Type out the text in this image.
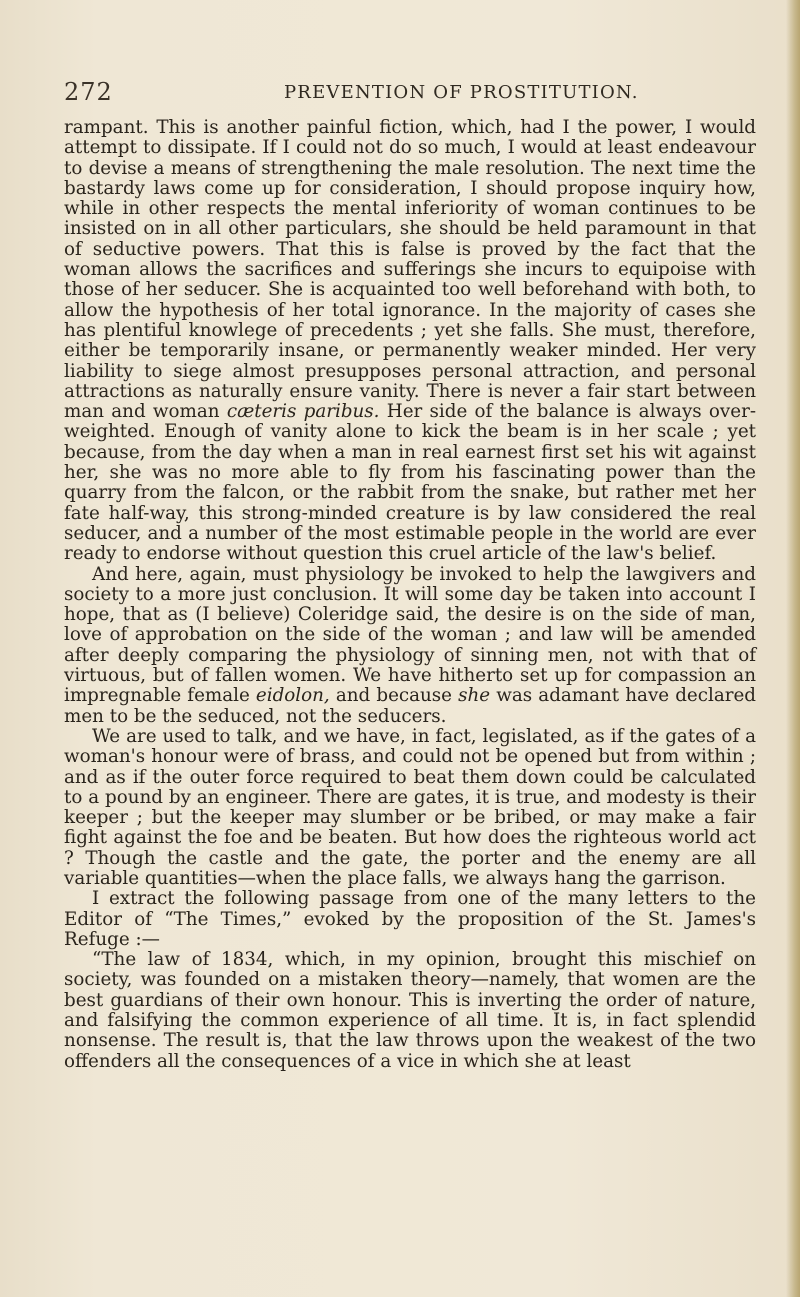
272	PREVENTION OF PROSTITUTION.

rampant. This is another painful fiction, which, had I the power, I would attempt to dissipate. If I could not do so much, I would at least endeavour to devise a means of strengthening the male resolution. The next time the bastardy laws come up for consideration, I should propose inquiry how, while in other respects the mental inferiority of woman continues to be insisted on in all other particulars, she should be held paramount in that of seductive powers. That this is false is proved by the fact that the woman allows the sacrifices and sufferings she incurs to equipoise with those of her seducer. She is acquainted too well beforehand with both, to allow the hypothesis of her total ignorance. In the majority of cases she has plentiful knowlege of precedents ; yet she falls. She must, therefore, either be temporarily insane, or permanently weaker minded. Her very liability to siege almost presupposes personal attraction, and personal attractions as naturally ensure vanity. There is never a fair start between man and woman cæteris paribus. Her side of the balance is always over-weighted. Enough of vanity alone to kick the beam is in her scale ; yet because, from the day when a man in real earnest first set his wit against her, she was no more able to fly from his fascinating power than the quarry from the falcon, or the rabbit from the snake, but rather met her fate half-way, this strong-minded creature is by law considered the real seducer, and a number of the most estimable people in the world are ever ready to endorse without question this cruel article of the law's belief.

And here, again, must physiology be invoked to help the lawgivers and society to a more just conclusion. It will some day be taken into account I hope, that as (I believe) Coleridge said, the desire is on the side of man, love of approbation on the side of the woman ; and law will be amended after deeply comparing the physiology of sinning men, not with that of virtuous, but of fallen women. We have hitherto set up for compassion an impregnable female eidolon, and because she was adamant have declared men to be the seduced, not the seducers.

We are used to talk, and we have, in fact, legislated, as if the gates of a woman's honour were of brass, and could not be opened but from within ; and as if the outer force required to beat them down could be calculated to a pound by an engineer. There are gates, it is true, and modesty is their keeper ; but the keeper may slumber or be bribed, or may make a fair fight against the foe and be beaten. But how does the righteous world act ? Though the castle and the gate, the porter and the enemy are all variable quantities—when the place falls, we always hang the garrison.

I extract the following passage from one of the many letters to the Editor of “The Times,” evoked by the proposition of the St. James's Refuge :—

“The law of 1834, which, in my opinion, brought this mischief on society, was founded on a mistaken theory—namely, that women are the best guardians of their own honour. This is inverting the order of nature, and falsifying the common experience of all time. It is, in fact splendid nonsense. The result is, that the law throws upon the weakest of the two offenders all the consequences of a vice in which she at least
